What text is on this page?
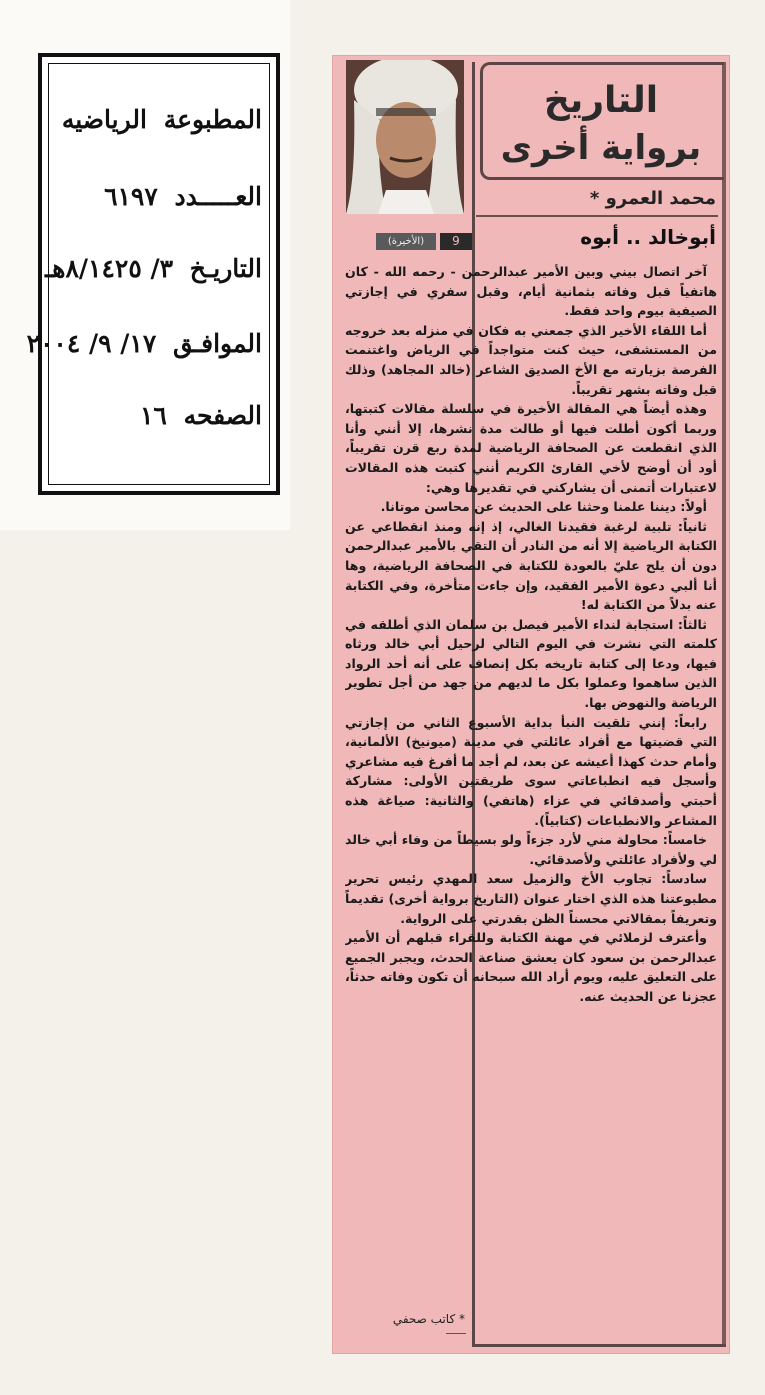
المطبوعة الرياضيه
العـــــدد ٦١٩٧
التاريـخ ٣/ ٨/١٤٢٥هـ
الموافـق ١٧/ ٩/ ٢٠٠٤
الصفحه ١٦
التاريخ
برواية أخرى
محمد العمرو *
أبوخالد .. أبوه
9
(الأخيرة)

آخر اتصال بيني وبين الأمير عبدالرحمن - رحمه الله - كان هاتفياً قبل وفاته بثمانية أيام، وقبل سفري في إجازتي الصيفية بيوم واحد فقط.

أما اللقاء الأخير الذي جمعني به فكان في منزله بعد خروجه من المستشفى، حيث كنت متواجداً في الرياض واغتنمت الفرصة بزيارته مع الأخ الصديق الشاعر (خالد المجاهد) وذلك قبل وفاته بشهر تقريباً.

وهذه أيضاً هي المقالة الأخيرة في سلسلة مقالات كتبتها، وربما أكون أطلت فيها أو طالت مدة نشرها، إلا أنني وأنا الذي انقطعت عن الصحافة الرياضية لمدة ربع قرن تقريباً، أود أن أوضح لأخي القارئ الكريم أنني كتبت هذه المقالات لاعتبارات أتمنى أن يشاركني في تقديرها وهي:

أولاً: ديننا علمنا وحثنا على الحديث عن محاسن موتانا.

ثانياً: تلبية لرغبة فقيدنا الغالي، إذ إنه ومنذ انقطاعي عن الكتابة الرياضية إلا أنه من النادر أن التقي بالأمير عبدالرحمن دون أن يلح عليّ بالعودة للكتابة في الصحافة الرياضية، وها أنا ألبي دعوة الأمير الفقيد، وإن جاءت متأخرة، وفي الكتابة عنه بدلاً من الكتابة له!

ثالثاً: استجابة لنداء الأمير فيصل بن سلمان الذي أطلقه في كلمته التي نشرت في اليوم التالي لرحيل أبي خالد ورثاه فيها، ودعا إلى كتابة تاريخه بكل إنصاف على أنه أحد الرواد الذين ساهموا وعملوا بكل ما لديهم من جهد من أجل تطوير الرياضة والنهوض بها.

رابعاً: إنني تلقيت النبأ بداية الأسبوع الثاني من إجازتي التي قضيتها مع أفراد عائلتي في مدينة (ميونيخ) الألمانية، وأمام حدث كهذا أعيشه عن بعد، لم أجد ما أفرغ فيه مشاعري وأسجل فيه انطباعاتي سوى طريقتين الأولى: مشاركة أحبتي وأصدقائي في عزاء (هاتفي) والثانية: صياغة هذه المشاعر والانطباعات (كتابياً).

خامساً: محاولة مني لأرد جزءاً ولو بسيطاً من وفاء أبي خالد لي ولأفراد عائلتي ولأصدقائي.

سادساً: تجاوب الأخ والزميل سعد المهدي رئيس تحرير مطبوعتنا هذه الذي اختار عنوان (التاريخ برواية أخرى) تقديماً وتعريفاً بمقالاتي محسناً الظن بقدرتي على الرواية.

وأعترف لزملائي في مهنة الكتابة وللقراء قبلهم أن الأمير عبدالرحمن بن سعود كان يعشق صناعة الحدث، ويجبر الجميع على التعليق عليه، ويوم أراد الله سبحانه أن تكون وفاته حدثاً، عجزنا عن الحديث عنه.

* كاتب صحفي
